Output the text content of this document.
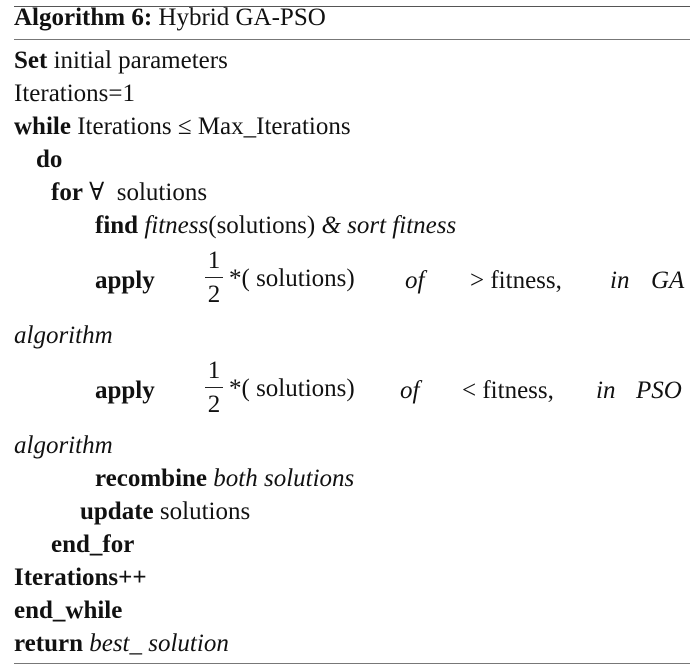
Algorithm 6: Hybrid GA-PSO
Set initial parameters
Iterations=1
while Iterations ≤ Max_Iterations
do
for ∀  solutions
find fitness(solutions) & sort fitness
apply
1
2
*( solutions) of > fitness, in GA
algorithm
apply
1
2
*( solutions) of < fitness, in PSO
algorithm
recombine both solutions
update solutions
end_for
Iterations++
end_while
return best_ solution
